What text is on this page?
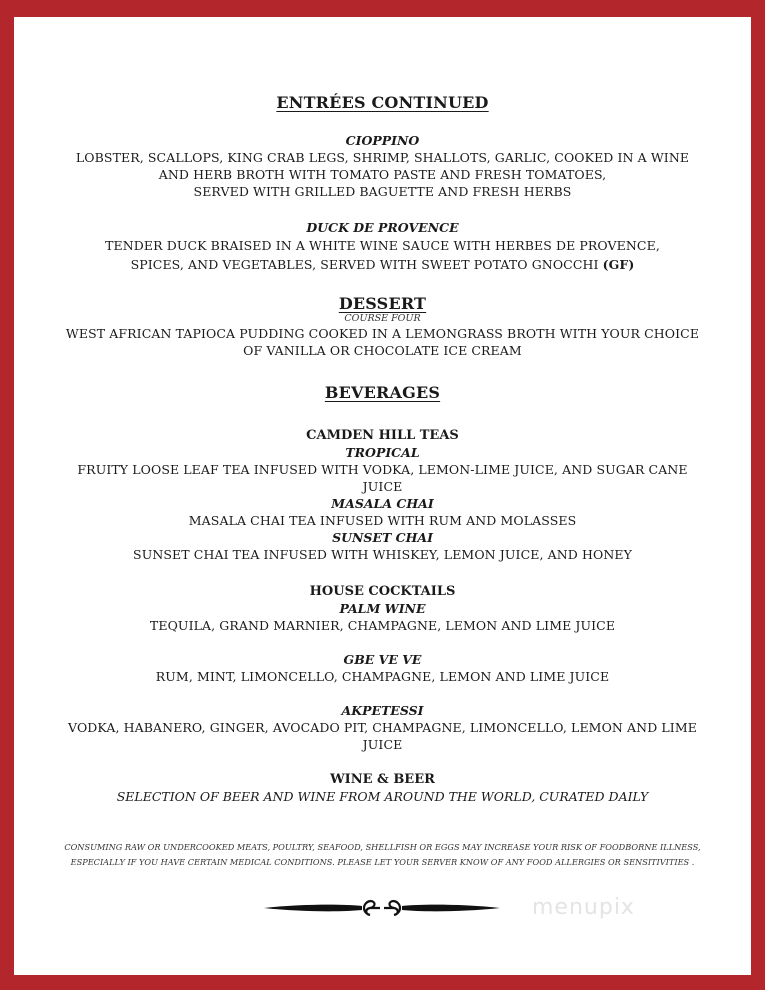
ENTRÉES CONTINUED

CIOPPINO

LOBSTER, SCALLOPS, KING CRAB LEGS, SHRIMP, SHALLOTS, GARLIC, COOKED IN A WINE

AND HERB BROTH WITH TOMATO PASTE AND FRESH TOMATOES,

SERVED WITH GRILLED BAGUETTE AND FRESH HERBS

DUCK DE PROVENCE

TENDER DUCK BRAISED IN A WHITE WINE SAUCE WITH HERBES DE PROVENCE,

SPICES, AND VEGETABLES, SERVED WITH SWEET POTATO GNOCCHI (GF)

DESSERT

COURSE FOUR

WEST AFRICAN TAPIOCA PUDDING COOKED IN A LEMONGRASS BROTH WITH YOUR CHOICE

OF VANILLA OR CHOCOLATE ICE CREAM

BEVERAGES

CAMDEN HILL TEAS

TROPICAL

FRUITY LOOSE LEAF TEA INFUSED WITH VODKA, LEMON-LIME JUICE, AND SUGAR CANE

JUICE

MASALA CHAI

MASALA CHAI TEA INFUSED WITH RUM AND MOLASSES

SUNSET CHAI

SUNSET CHAI TEA INFUSED WITH WHISKEY, LEMON JUICE, AND HONEY

HOUSE COCKTAILS

PALM WINE

TEQUILA, GRAND MARNIER, CHAMPAGNE, LEMON AND LIME JUICE

GBE VE VE

RUM, MINT, LIMONCELLO, CHAMPAGNE, LEMON AND LIME JUICE

AKPETESSI

VODKA, HABANERO, GINGER, AVOCADO PIT, CHAMPAGNE, LIMONCELLO, LEMON AND LIME

JUICE

WINE & BEER

SELECTION OF BEER AND WINE FROM AROUND THE WORLD, CURATED DAILY

CONSUMING RAW OR UNDERCOOKED MEATS, POULTRY, SEAFOOD, SHELLFISH OR EGGS MAY INCREASE YOUR RISK OF FOODBORNE ILLNESS,

ESPECIALLY IF YOU HAVE CERTAIN MEDICAL CONDITIONS. PLEASE LET YOUR SERVER KNOW OF ANY FOOD ALLERGIES OR SENSITIVITIES .

menupix
